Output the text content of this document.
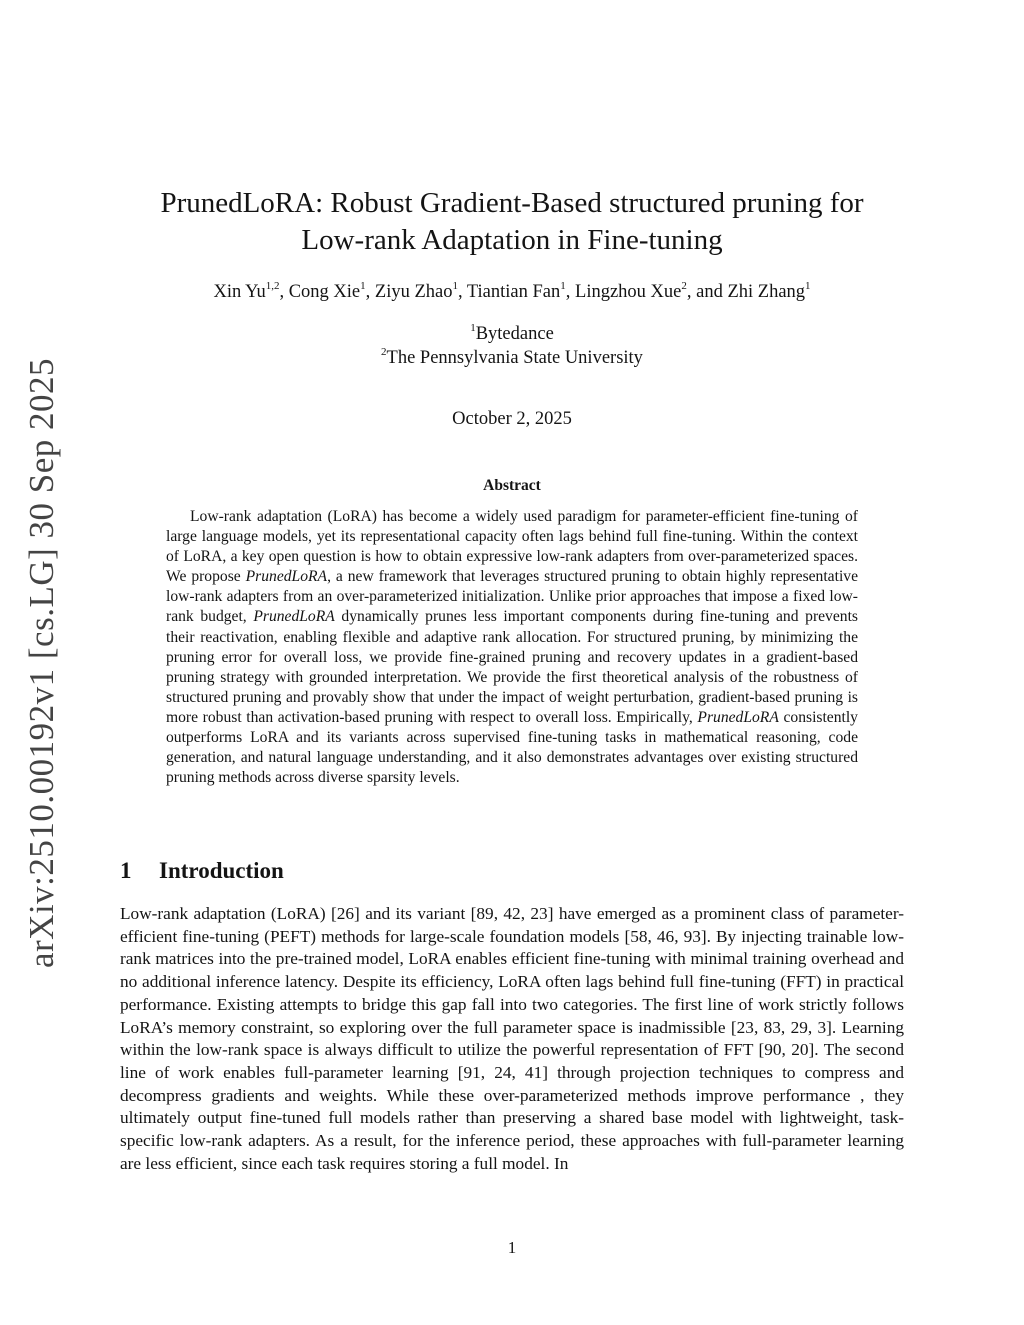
arXiv:2510.00192v1 [cs.LG] 30 Sep 2025
PrunedLoRA: Robust Gradient-Based structured pruning for
Low-rank Adaptation in Fine-tuning
Xin Yu$^{1,2}$, Cong Xie$^1$, Ziyu Zhao$^1$, Tiantian Fan$^1$, Lingzhou Xue$^2$, and Zhi Zhang$^1$
$^1$Bytedance
$^2$The Pennsylvania State University
October 2, 2025
Abstract

Low-rank adaptation (LoRA) has become a widely used paradigm for parameter-efficient fine-tuning of large language models, yet its representational capacity often lags behind full fine-tuning. Within the context of LoRA, a key open question is how to obtain expressive low-rank adapters from over-parameterized spaces. We propose PrunedLoRA, a new framework that leverages structured pruning to obtain highly representative low-rank adapters from an over-parameterized initialization. Unlike prior approaches that impose a fixed low-rank budget, PrunedLoRA dynamically prunes less important components during fine-tuning and prevents their reactivation, enabling flexible and adaptive rank allocation. For structured pruning, by minimizing the pruning error for overall loss, we provide fine-grained pruning and recovery updates in a gradient-based pruning strategy with grounded interpretation. We provide the first theoretical analysis of the robustness of structured pruning and provably show that under the impact of weight perturbation, gradient-based pruning is more robust than activation-based pruning with respect to overall loss. Empirically, PrunedLoRA consistently outperforms LoRA and its variants across supervised fine-tuning tasks in mathematical reasoning, code generation, and natural language understanding, and it also demonstrates advantages over existing structured pruning methods across diverse sparsity levels.

1 Introduction

Low-rank adaptation (LoRA) [26] and its variant [89, 42, 23] have emerged as a prominent class of parameter-efficient fine-tuning (PEFT) methods for large-scale foundation models [58, 46, 93]. By injecting trainable low-rank matrices into the pre-trained model, LoRA enables efficient fine-tuning with minimal training overhead and no additional inference latency. Despite its efficiency, LoRA often lags behind full fine-tuning (FFT) in practical performance. Existing attempts to bridge this gap fall into two categories. The first line of work strictly follows LoRA’s memory constraint, so exploring over the full parameter space is inadmissible [23, 83, 29, 3]. Learning within the low-rank space is always difficult to utilize the powerful representation of FFT [90, 20]. The second line of work enables full-parameter learning [91, 24, 41] through projection techniques to compress and decompress gradients and weights. While these over-parameterized methods improve performance , they ultimately output fine-tuned full models rather than preserving a shared base model with lightweight, task-specific low-rank adapters. As a result, for the inference period, these approaches with full-parameter learning are less efficient, since each task requires storing a full model. In

1
